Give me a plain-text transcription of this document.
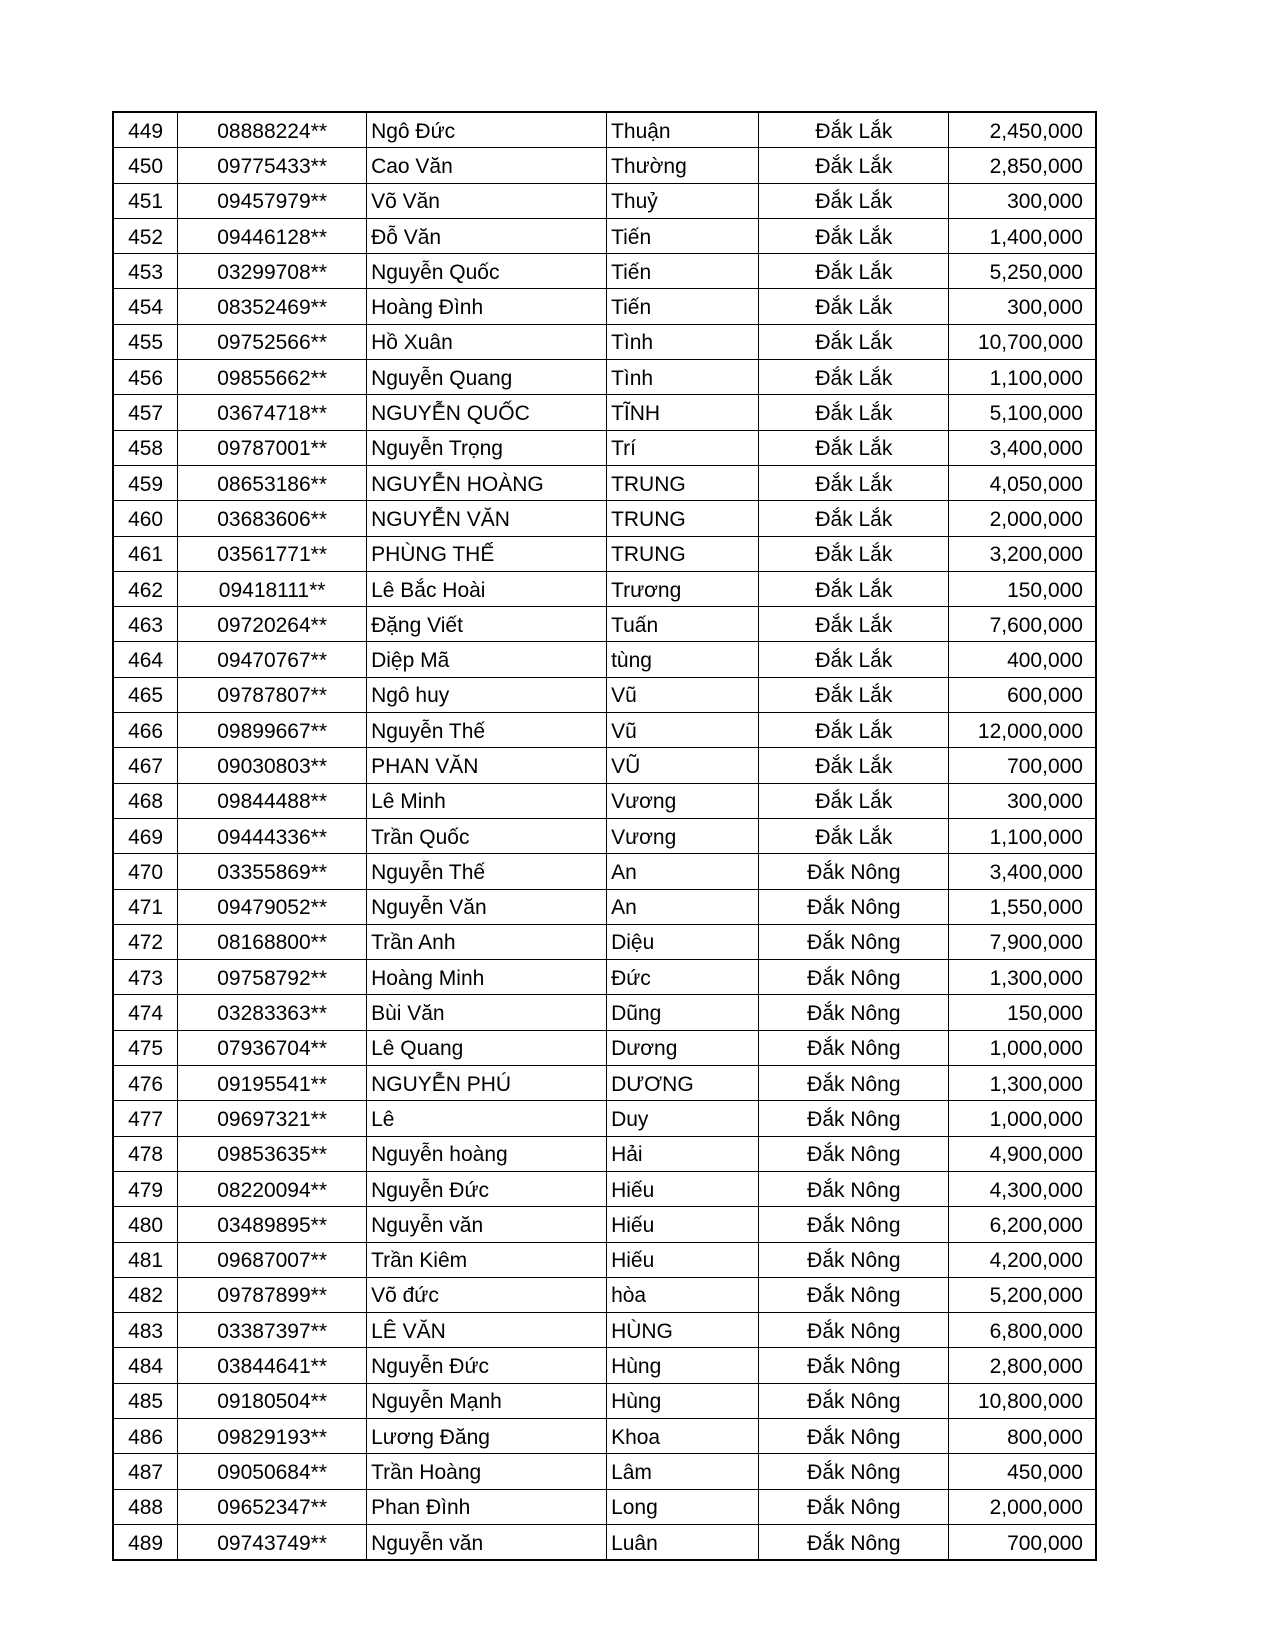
449	08888224**	Ngô Đức	Thuận	Đắk Lắk	2,450,000
450	09775433**	Cao Văn	Thường	Đắk Lắk	2,850,000
451	09457979**	Võ Văn	Thuỷ	Đắk Lắk	300,000
452	09446128**	Đỗ Văn	Tiến	Đắk Lắk	1,400,000
453	03299708**	Nguyễn Quốc	Tiến	Đắk Lắk	5,250,000
454	08352469**	Hoàng Đình	Tiến	Đắk Lắk	300,000
455	09752566**	Hồ Xuân	Tình	Đắk Lắk	10,700,000
456	09855662**	Nguyễn Quang	Tình	Đắk Lắk	1,100,000
457	03674718**	NGUYỄN QUỐC	TĨNH	Đắk Lắk	5,100,000
458	09787001**	Nguyễn Trọng	Trí	Đắk Lắk	3,400,000
459	08653186**	NGUYỄN HOÀNG	TRUNG	Đắk Lắk	4,050,000
460	03683606**	NGUYỄN VĂN	TRUNG	Đắk Lắk	2,000,000
461	03561771**	PHÙNG THẾ	TRUNG	Đắk Lắk	3,200,000
462	09418111**	Lê Bắc Hoài	Trương	Đắk Lắk	150,000
463	09720264**	Đặng Viết	Tuấn	Đắk Lắk	7,600,000
464	09470767**	Diệp Mã	tùng	Đắk Lắk	400,000
465	09787807**	Ngô huy	Vũ	Đắk Lắk	600,000
466	09899667**	Nguyễn Thế	Vũ	Đắk Lắk	12,000,000
467	09030803**	PHAN VĂN	VŨ	Đắk Lắk	700,000
468	09844488**	Lê Minh	Vương	Đắk Lắk	300,000
469	09444336**	Trần Quốc	Vương	Đắk Lắk	1,100,000
470	03355869**	Nguyễn Thế	An	Đắk Nông	3,400,000
471	09479052**	Nguyễn Văn	An	Đắk Nông	1,550,000
472	08168800**	Trần Anh	Diệu	Đắk Nông	7,900,000
473	09758792**	Hoàng Minh	Đức	Đắk Nông	1,300,000
474	03283363**	Bùi Văn	Dũng	Đắk Nông	150,000
475	07936704**	Lê Quang	Dương	Đắk Nông	1,000,000
476	09195541**	NGUYỄN PHÚ	DƯƠNG	Đắk Nông	1,300,000
477	09697321**	Lê	Duy	Đắk Nông	1,000,000
478	09853635**	Nguyễn hoàng	Hải	Đắk Nông	4,900,000
479	08220094**	Nguyễn Đức	Hiếu	Đắk Nông	4,300,000
480	03489895**	Nguyễn văn	Hiếu	Đắk Nông	6,200,000
481	09687007**	Trần Kiêm	Hiếu	Đắk Nông	4,200,000
482	09787899**	Võ đức	hòa	Đắk Nông	5,200,000
483	03387397**	LÊ VĂN	HÙNG	Đắk Nông	6,800,000
484	03844641**	Nguyễn Đức	Hùng	Đắk Nông	2,800,000
485	09180504**	Nguyễn Mạnh	Hùng	Đắk Nông	10,800,000
486	09829193**	Lương Đăng	Khoa	Đắk Nông	800,000
487	09050684**	Trần Hoàng	Lâm	Đắk Nông	450,000
488	09652347**	Phan Đình	Long	Đắk Nông	2,000,000
489	09743749**	Nguyễn văn	Luân	Đắk Nông	700,000
